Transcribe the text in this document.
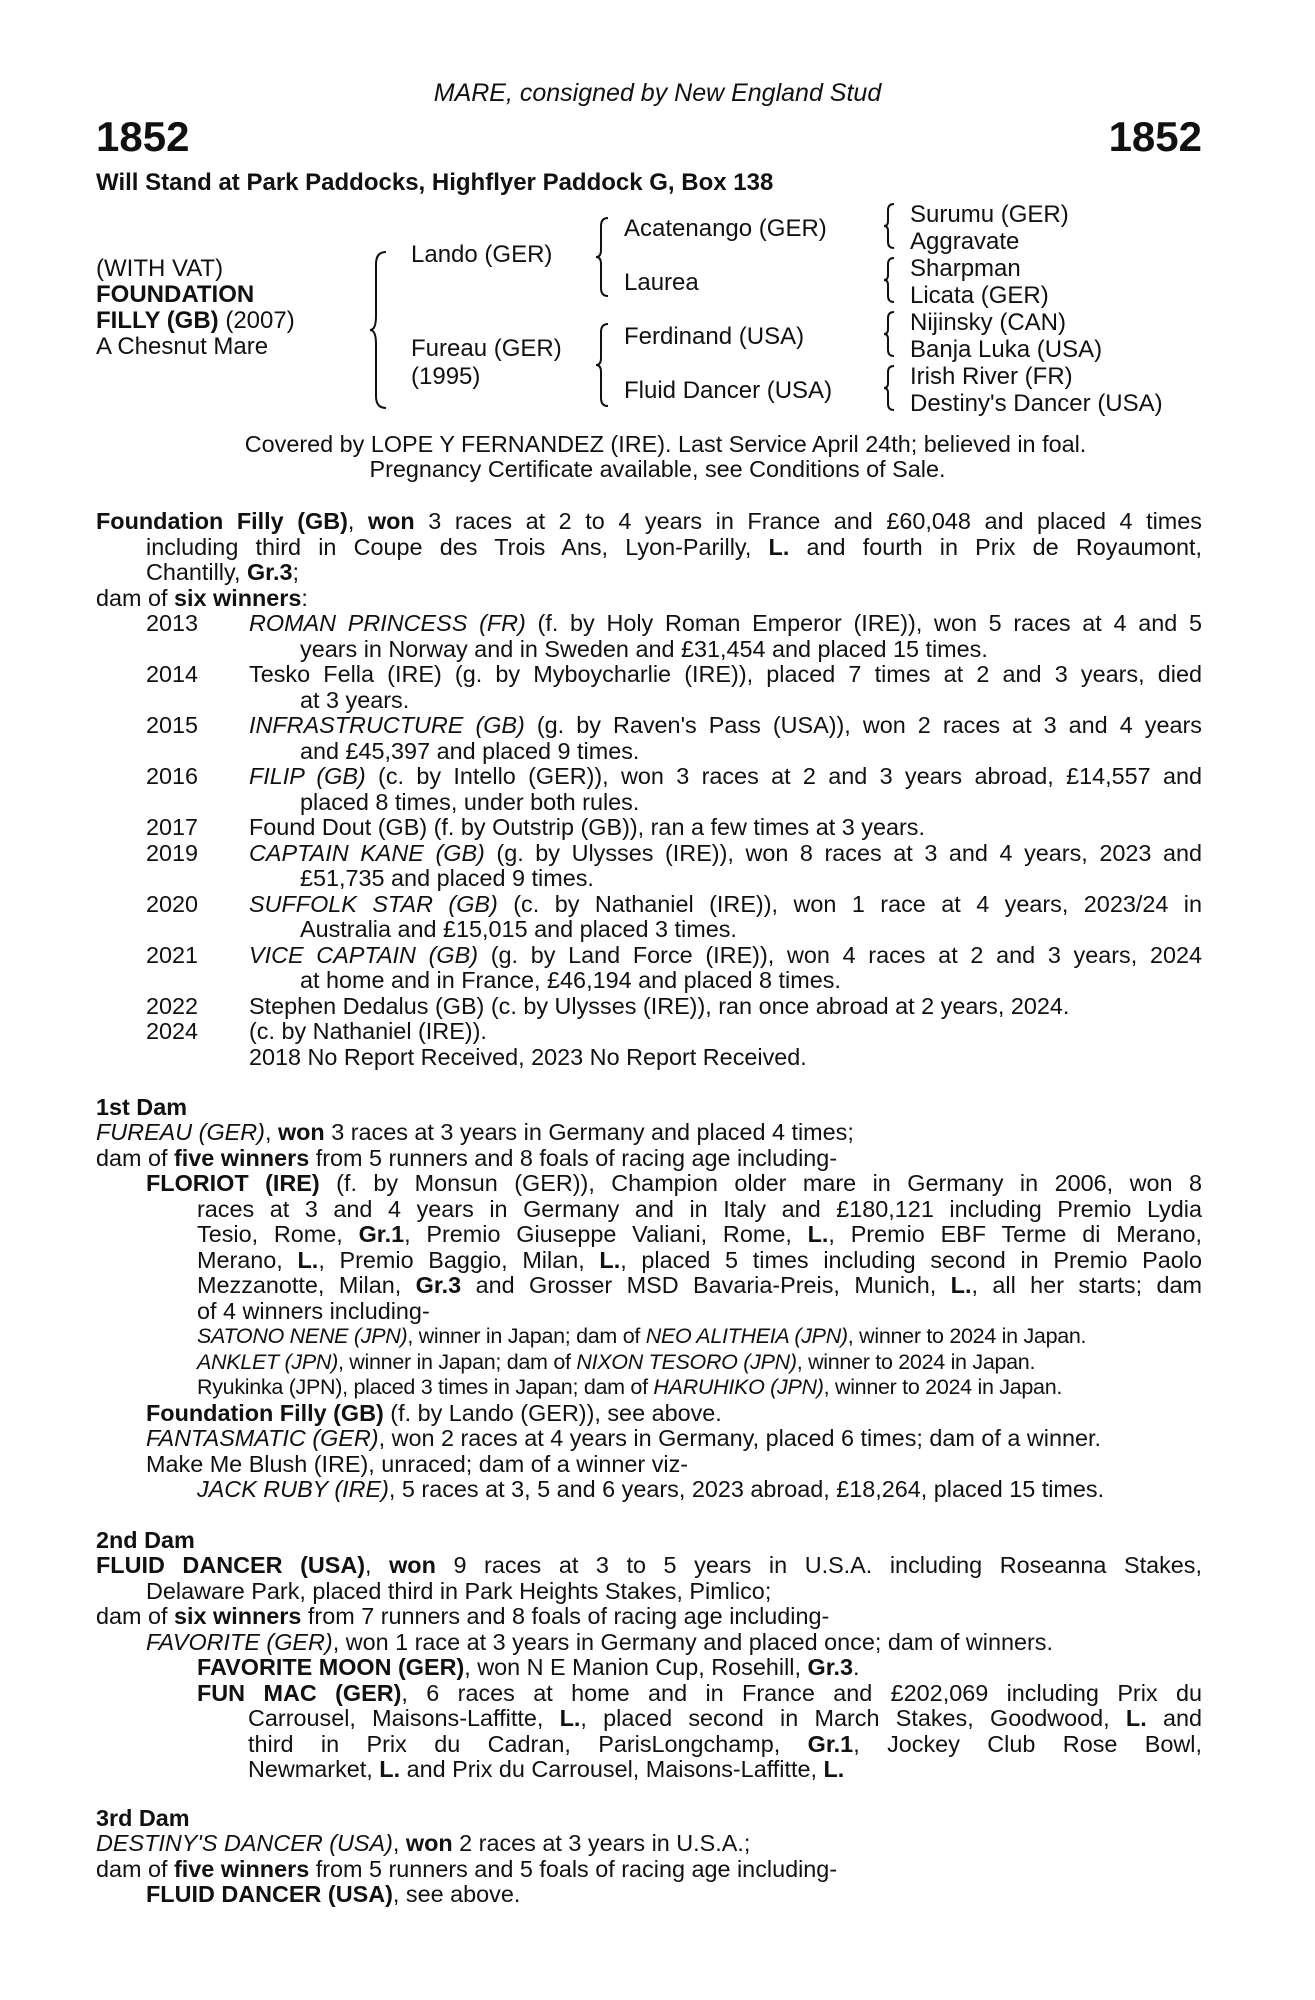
MARE, consigned by New England Stud
1852	1852
Will Stand at Park Paddocks, Highflyer Paddock G, Box 138
(WITH VAT)
FOUNDATION
FILLY (GB) (2007)
A Chesnut Mare
Lando (GER)
Fureau (GER)
(1995)
Acatenango (GER)
Laurea
Ferdinand (USA)
Fluid Dancer (USA)
Surumu (GER)
Aggravate
Sharpman
Licata (GER)
Nijinsky (CAN)
Banja Luka (USA)
Irish River (FR)
Destiny's Dancer (USA)
Covered by LOPE Y FERNANDEZ (IRE). Last Service April 24th; believed in foal.
Pregnancy Certificate available, see Conditions of Sale.
Foundation Filly (GB), won 3 races at 2 to 4 years in France and £60,048 and placed 4 times
including third in Coupe des Trois Ans, Lyon-Parilly, L. and fourth in Prix de Royaumont,
Chantilly, Gr.3;
dam of six winners:
2013 ROMAN PRINCESS (FR) (f. by Holy Roman Emperor (IRE)), won 5 races at 4 and 5
years in Norway and in Sweden and £31,454 and placed 15 times.
2014 Tesko Fella (IRE) (g. by Myboycharlie (IRE)), placed 7 times at 2 and 3 years, died
at 3 years.
2015 INFRASTRUCTURE (GB) (g. by Raven's Pass (USA)), won 2 races at 3 and 4 years
and £45,397 and placed 9 times.
2016 FILIP (GB) (c. by Intello (GER)), won 3 races at 2 and 3 years abroad, £14,557 and
placed 8 times, under both rules.
2017 Found Dout (GB) (f. by Outstrip (GB)), ran a few times at 3 years.
2019 CAPTAIN KANE (GB) (g. by Ulysses (IRE)), won 8 races at 3 and 4 years, 2023 and
£51,735 and placed 9 times.
2020 SUFFOLK STAR (GB) (c. by Nathaniel (IRE)), won 1 race at 4 years, 2023/24 in
Australia and £15,015 and placed 3 times.
2021 VICE CAPTAIN (GB) (g. by Land Force (IRE)), won 4 races at 2 and 3 years, 2024
at home and in France, £46,194 and placed 8 times.
2022 Stephen Dedalus (GB) (c. by Ulysses (IRE)), ran once abroad at 2 years, 2024.
2024 (c. by Nathaniel (IRE)).
2018 No Report Received, 2023 No Report Received.
1st Dam
FUREAU (GER), won 3 races at 3 years in Germany and placed 4 times;
dam of five winners from 5 runners and 8 foals of racing age including-
FLORIOT (IRE) (f. by Monsun (GER)), Champion older mare in Germany in 2006, won 8
races at 3 and 4 years in Germany and in Italy and £180,121 including Premio Lydia
Tesio, Rome, Gr.1, Premio Giuseppe Valiani, Rome, L., Premio EBF Terme di Merano,
Merano, L., Premio Baggio, Milan, L., placed 5 times including second in Premio Paolo
Mezzanotte, Milan, Gr.3 and Grosser MSD Bavaria-Preis, Munich, L., all her starts; dam
of 4 winners including-
SATONO NENE (JPN), winner in Japan; dam of NEO ALITHEIA (JPN), winner to 2024 in Japan.
ANKLET (JPN), winner in Japan; dam of NIXON TESORO (JPN), winner to 2024 in Japan.
Ryukinka (JPN), placed 3 times in Japan; dam of HARUHIKO (JPN), winner to 2024 in Japan.
Foundation Filly (GB) (f. by Lando (GER)), see above.
FANTASMATIC (GER), won 2 races at 4 years in Germany, placed 6 times; dam of a winner.
Make Me Blush (IRE), unraced; dam of a winner viz-
JACK RUBY (IRE), 5 races at 3, 5 and 6 years, 2023 abroad, £18,264, placed 15 times.
2nd Dam
FLUID DANCER (USA), won 9 races at 3 to 5 years in U.S.A. including Roseanna Stakes,
Delaware Park, placed third in Park Heights Stakes, Pimlico;
dam of six winners from 7 runners and 8 foals of racing age including-
FAVORITE (GER), won 1 race at 3 years in Germany and placed once; dam of winners.
FAVORITE MOON (GER), won N E Manion Cup, Rosehill, Gr.3.
FUN MAC (GER), 6 races at home and in France and £202,069 including Prix du
Carrousel, Maisons-Laffitte, L., placed second in March Stakes, Goodwood, L. and
third in Prix du Cadran, ParisLongchamp, Gr.1, Jockey Club Rose Bowl,
Newmarket, L. and Prix du Carrousel, Maisons-Laffitte, L.
3rd Dam
DESTINY'S DANCER (USA), won 2 races at 3 years in U.S.A.;
dam of five winners from 5 runners and 5 foals of racing age including-
FLUID DANCER (USA), see above.
